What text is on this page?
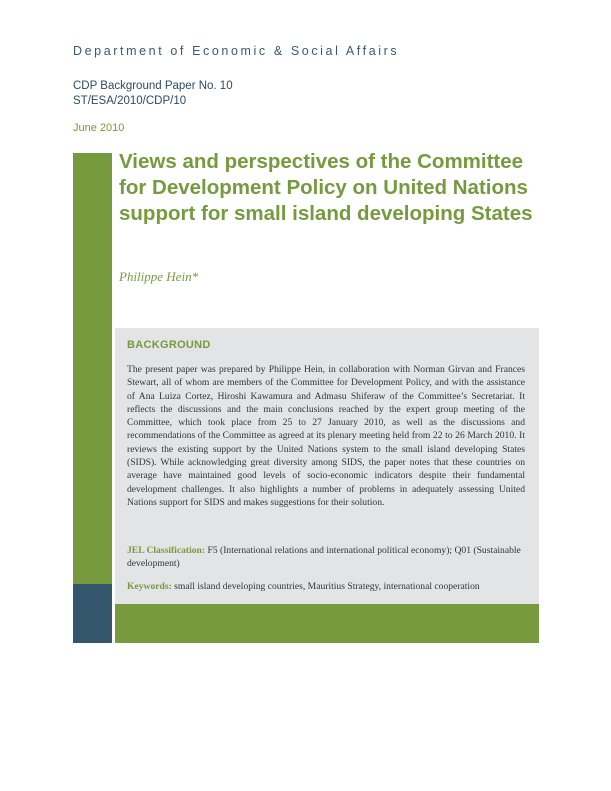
Department of Economic & Social Affairs
CDP Background Paper No. 10
ST/ESA/2010/CDP/10
June 2010
Views and perspectives of the Committee for Development Policy on United Nations support for small island developing States
Philippe Hein*
BACKGROUND

The present paper was prepared by Philippe Hein, in collaboration with Norman Girvan and Frances Stewart, all of whom are members of the Committee for Development Policy, and with the assistance of Ana Luiza Cortez, Hiroshi Kawamura and Admasu Shiferaw of the Committee’s Secretariat. It reflects the discussions and the main conclusions reached by the expert group meeting of the Committee, which took place from 25 to 27 January 2010, as well as the discussions and recommendations of the Committee as agreed at its plenary meeting held from 22 to 26 March 2010. It reviews the existing support by the United Nations system to the small island developing States (SIDS). While acknowledging great diversity among SIDS, the paper notes that these countries on average have maintained good levels of socio-economic indicators despite their fundamental development challenges. It also highlights a number of problems in adequately assessing United Nations support for SIDS and makes suggestions for their solution.

JEL Classification: F5 (International relations and international political economy); Q01 (Sustainable development)

Keywords: small island developing countries, Mauritius Strategy, international cooperation
